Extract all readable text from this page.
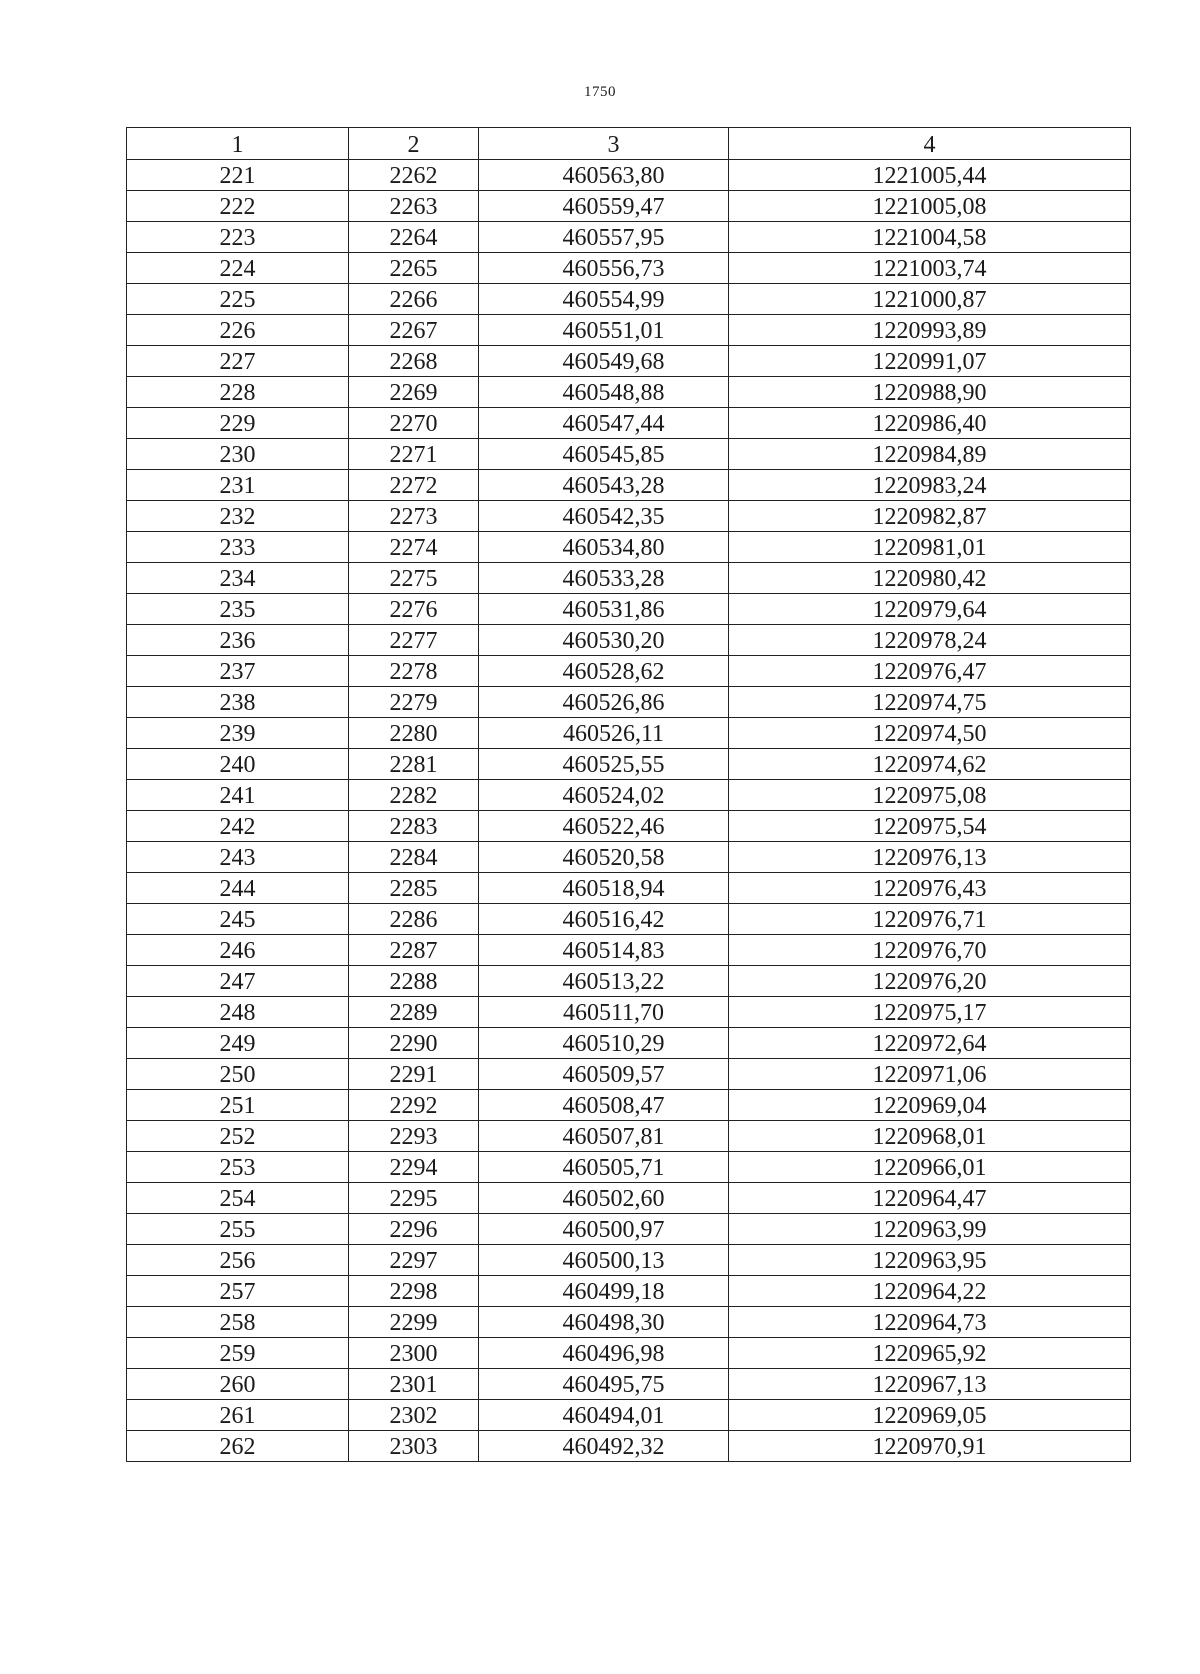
1750
1	2	3	4
221	2262	460563,80	1221005,44
222	2263	460559,47	1221005,08
223	2264	460557,95	1221004,58
224	2265	460556,73	1221003,74
225	2266	460554,99	1221000,87
226	2267	460551,01	1220993,89
227	2268	460549,68	1220991,07
228	2269	460548,88	1220988,90
229	2270	460547,44	1220986,40
230	2271	460545,85	1220984,89
231	2272	460543,28	1220983,24
232	2273	460542,35	1220982,87
233	2274	460534,80	1220981,01
234	2275	460533,28	1220980,42
235	2276	460531,86	1220979,64
236	2277	460530,20	1220978,24
237	2278	460528,62	1220976,47
238	2279	460526,86	1220974,75
239	2280	460526,11	1220974,50
240	2281	460525,55	1220974,62
241	2282	460524,02	1220975,08
242	2283	460522,46	1220975,54
243	2284	460520,58	1220976,13
244	2285	460518,94	1220976,43
245	2286	460516,42	1220976,71
246	2287	460514,83	1220976,70
247	2288	460513,22	1220976,20
248	2289	460511,70	1220975,17
249	2290	460510,29	1220972,64
250	2291	460509,57	1220971,06
251	2292	460508,47	1220969,04
252	2293	460507,81	1220968,01
253	2294	460505,71	1220966,01
254	2295	460502,60	1220964,47
255	2296	460500,97	1220963,99
256	2297	460500,13	1220963,95
257	2298	460499,18	1220964,22
258	2299	460498,30	1220964,73
259	2300	460496,98	1220965,92
260	2301	460495,75	1220967,13
261	2302	460494,01	1220969,05
262	2303	460492,32	1220970,91
